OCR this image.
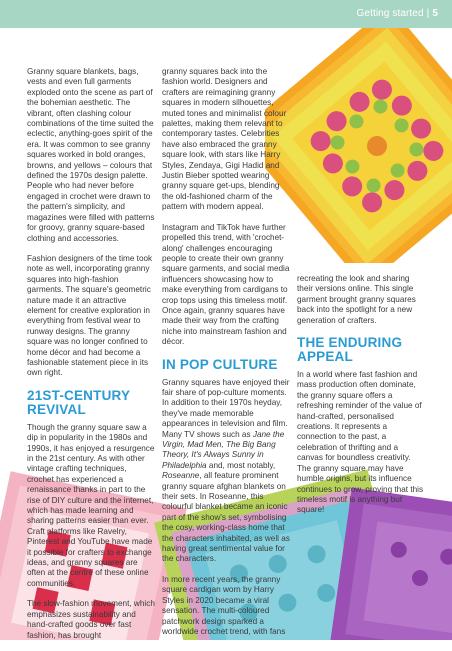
Getting started | 5

Granny square blankets, bags, vests and even full garments exploded onto the scene as part of the bohemian aesthetic. The vibrant, often clashing colour combinations of the time suited the eclectic, anything-goes spirit of the era. It was common to see granny squares worked in bold oranges, browns, and yellows – colours that defined the 1970s design palette. People who had never before engaged in crochet were drawn to the pattern's simplicity, and magazines were filled with patterns for groovy, granny square-based clothing and accessories.

Fashion designers of the time took note as well, incorporating granny squares into high-fashion garments. The square's geometric nature made it an attractive element for creative exploration in everything from festival wear to runway designs. The granny square was no longer confined to home décor and had become a fashionable statement piece in its own right.

21ST-CENTURY
REVIVAL

Though the granny square saw a dip in popularity in the 1980s and 1990s, it has enjoyed a resurgence in the 21st century. As with other vintage crafting techniques, crochet has experienced a renaissance thanks in part to the rise of DIY culture and the internet, which has made learning and sharing patterns easier than ever. Craft platforms like Ravelry, Pinterest and YouTube have made it possible for crafters to exchange ideas, and granny squares are often at the centre of these online communities.

The slow-fashion movement, which emphasizes sustainability and hand-crafted goods over fast fashion, has brought

granny squares back into the fashion world. Designers and crafters are reimagining granny squares in modern silhouettes, muted tones and minimalist colour palettes, making them relevant to contemporary tastes. Celebrities have also embraced the granny square look, with stars like Harry Styles, Zendaya, Gigi Hadid and Justin Bieber spotted wearing granny square get-ups, blending the old-fashioned charm of the pattern with modern appeal.

Instagram and TikTok have further propelled this trend, with 'crochet-along' challenges encouraging people to create their own granny square garments, and social media influencers showcasing how to make everything from cardigans to crop tops using this timeless motif. Once again, granny squares have made their way from the crafting niche into mainstream fashion and décor.

IN POP CULTURE

Granny squares have enjoyed their fair share of pop-culture moments. In addition to their 1970s heyday, they've made memorable appearances in television and film. Many TV shows such as Jane the Virgin, Mad Men, The Big Bang Theory, It's Always Sunny in Philadelphia and, most notably, Roseanne, all feature prominent granny square afghan blankets on their sets. In Roseanne, this colourful blanket became an iconic part of the show's set, symbolising the cosy, working-class home that the characters inhabited, as well as having great sentimental value for the characters.

In more recent years, the granny square cardigan worn by Harry Styles in 2020 became a viral sensation. The multi-coloured patchwork design sparked a worldwide crochet trend, with fans

recreating the look and sharing their versions online. This single garment brought granny squares back into the spotlight for a new generation of crafters.

THE ENDURING
APPEAL

In a world where fast fashion and mass production often dominate, the granny square offers a refreshing reminder of the value of hand-crafted, personalised creations. It represents a connection to the past, a celebration of thrifting and a canvas for boundless creativity. The granny square may have humble origins, but its influence continues to grow, proving that this timeless motif is anything but square!
